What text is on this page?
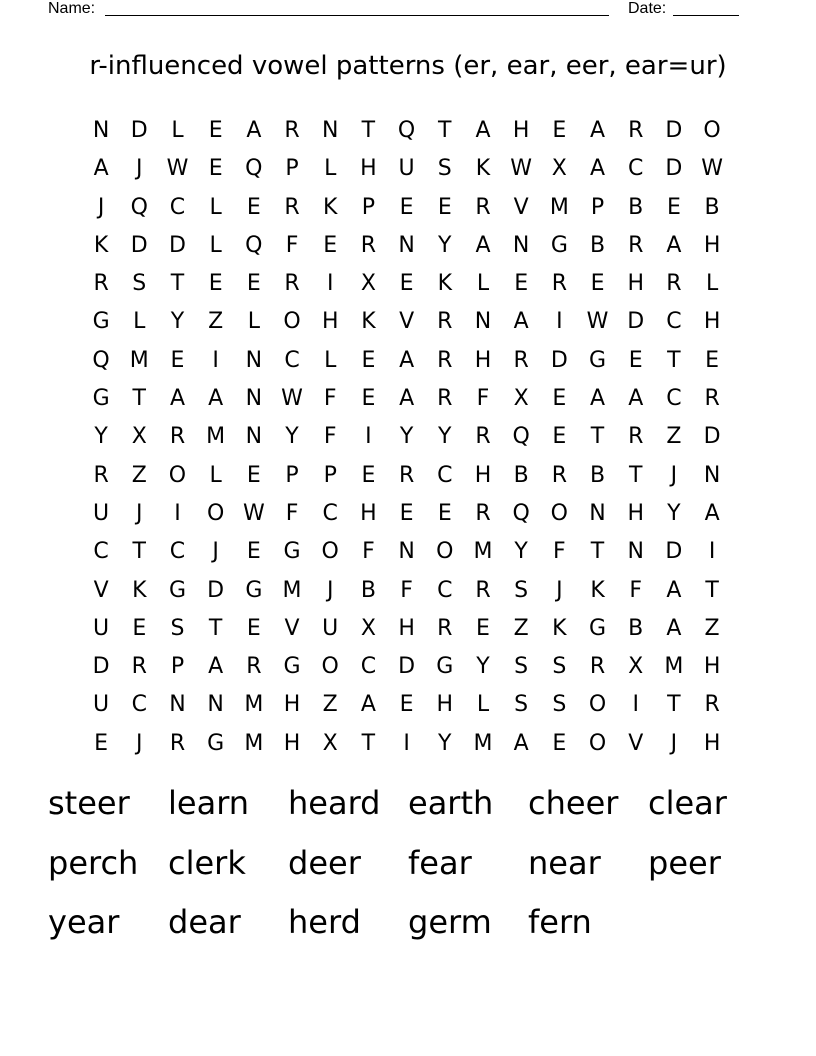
Name:	Date:
r-influenced vowel patterns (er, ear, eer, ear=ur)
N D	L	E	A	R	N	T	Q	T	A	H	E	A	R	D O
A	J	W E	Q	P	L	H U	S	K W X	A	C	D W
J	Q C	L	E	R	K	P	E	E	R	V M	P	B	E	B
K	D D	L	Q	F	E	R	N	Y	A	N G	B	R	A	H
R	S	T	E	E	R	I	X	E	K	L	E	R	E	H	R	L
G	L	Y	Z	L	O H	K	V	R	N	A	I	W D	C	H
Q M E	I	N	C	L	E	A	R	H	R	D G	E	T	E
G	T	A	A	N W F	E	A	R	F	X	E	A	A	C	R
Y	X	R M N	Y	F	I	Y	Y	R Q	E	T	R	Z	D
R	Z O	L	E	P	P	E	R	C	H	B	R	B	T	J	N
U	J	I	O W F	C	H	E	E	R Q O N H	Y	A
C	T	C	J	E	G O	F	N O M Y	F	T	N D	I
V	K	G D G M	J	B	F	C	R	S	J	K	F	A	T
U	E	S	T	E	V	U	X	H	R	E	Z	K	G	B	A	Z
D	R	P	A	R	G O C	D G	Y	S	S	R	X M H
U	C	N N M H	Z	A	E	H	L	S	S	O	I	T	R
E	J	R	G M H	X	T	I	Y M A	E	O	V	J	H
steer	learn	heard earth	cheer clear
perch clerk	deer	fear	near	peer
year	dear	herd	germ	fern
